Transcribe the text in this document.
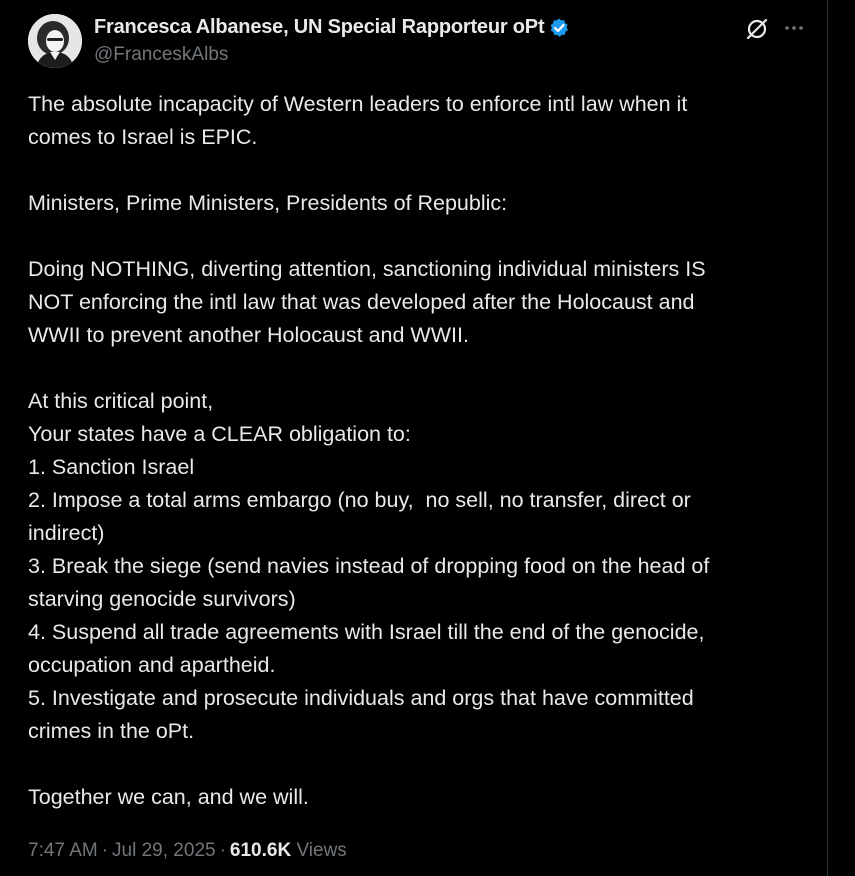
Francesca Albanese, UN Special Rapporteur oPt
@FranceskAlbs

The absolute incapacity of Western leaders to enforce intl law when it

comes to Israel is EPIC.

Ministers, Prime Ministers, Presidents of Republic:

Doing NOTHING, diverting attention, sanctioning individual ministers IS

NOT enforcing the intl law that was developed after the Holocaust and

WWII to prevent another Holocaust and WWII.

At this critical point,

Your states have a CLEAR obligation to:

1. Sanction Israel

2. Impose a total arms embargo (no buy,  no sell, no transfer, direct or

indirect)

3. Break the siege (send navies instead of dropping food on the head of

starving genocide survivors)

4. Suspend all trade agreements with Israel till the end of the genocide,

occupation and apartheid.

5. Investigate and prosecute individuals and orgs that have committed

crimes in the oPt.

Together we can, and we will.

7:47 AM · Jul 29, 2025 · 610.6K Views
